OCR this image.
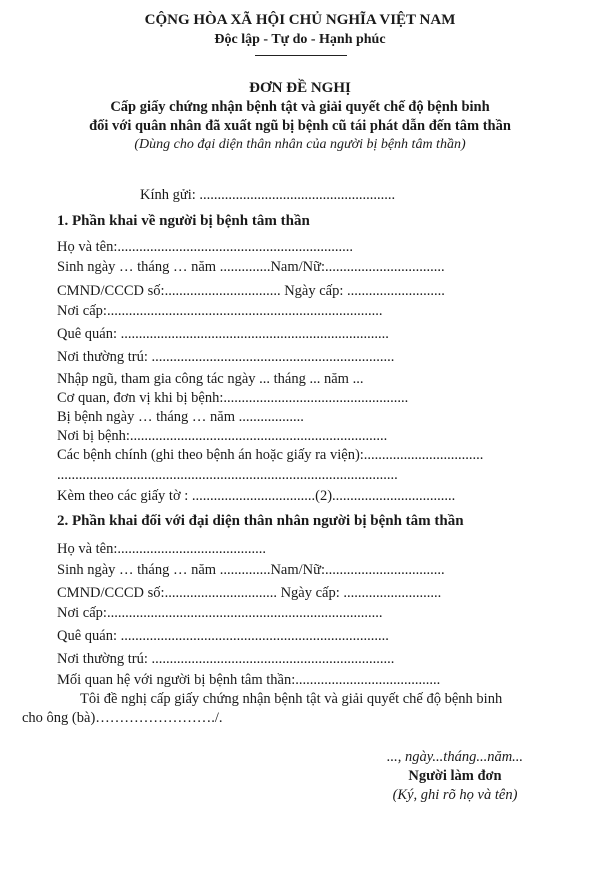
CỘNG HÒA XÃ HỘI CHỦ NGHĨA VIỆT NAM
Độc lập - Tự do - Hạnh phúc
ĐƠN ĐỀ NGHỊ
Cấp giấy chứng nhận bệnh tật và giải quyết chế độ bệnh binh
đối với quân nhân đã xuất ngũ bị bệnh cũ tái phát dẫn đến tâm thần
(Dùng cho đại diện thân nhân của người bị bệnh tâm thần)
Kính gửi: ......................................................
1. Phần khai về người bị bệnh tâm thần
Họ và tên:.................................................................
Sinh ngày … tháng … năm ..............Nam/Nữ:.................................
CMND/CCCD số:................................ Ngày cấp: ...........................
Nơi cấp:............................................................................
Quê quán: ..........................................................................
Nơi thường trú: ...................................................................
Nhập ngũ, tham gia công tác ngày ... tháng ... năm ...
Cơ quan, đơn vị khi bị bệnh:...................................................
Bị bệnh ngày … tháng … năm ..................
Nơi bị bệnh:.......................................................................
Các bệnh chính (ghi theo bệnh án hoặc giấy ra viện):.................................
..............................................................................................
Kèm theo các giấy tờ : ..................................(2)..................................
2. Phần khai đối với đại diện thân nhân người bị bệnh tâm thần
Họ và tên:.........................................
Sinh ngày … tháng … năm ..............Nam/Nữ:.................................
CMND/CCCD số:............................... Ngày cấp: ...........................
Nơi cấp:............................................................................
Quê quán: ..........................................................................
Nơi thường trú: ...................................................................
Mối quan hệ với người bị bệnh tâm thần:........................................
Tôi đề nghị cấp giấy chứng nhận bệnh tật và giải quyết chế độ bệnh binh
cho ông (bà)……………………./.
..., ngày...tháng...năm...
Người làm đơn
(Ký, ghi rõ họ và tên)
